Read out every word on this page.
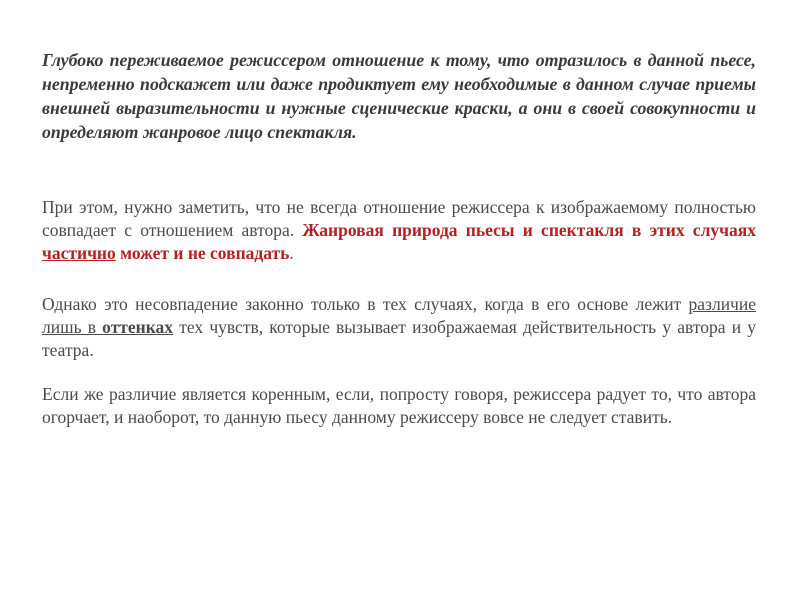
Глубоко переживаемое режиссером отношение к тому, что отразилось в данной пьесе, непременно подскажет или даже продиктует ему необходимые в данном случае приемы внешней выразительности и нужные сценические краски, а они в своей совокупности и определяют жанровое лицо спектакля.

При этом, нужно заметить, что не всегда отношение режиссера к изображаемому полностью совпадает с отношением автора. Жанровая природа пьесы и спектакля в этих случаях частично может и не совпадать.

Однако это несовпадение законно только в тех случаях, когда в его основе лежит различие лишь в оттенках тех чувств, которые вызывает изображаемая действительность у автора и у театра.

Если же различие является коренным, если, попросту говоря, режиссера радует то, что автора огорчает, и наоборот, то данную пьесу данному режиссеру вовсе не следует ставить.
